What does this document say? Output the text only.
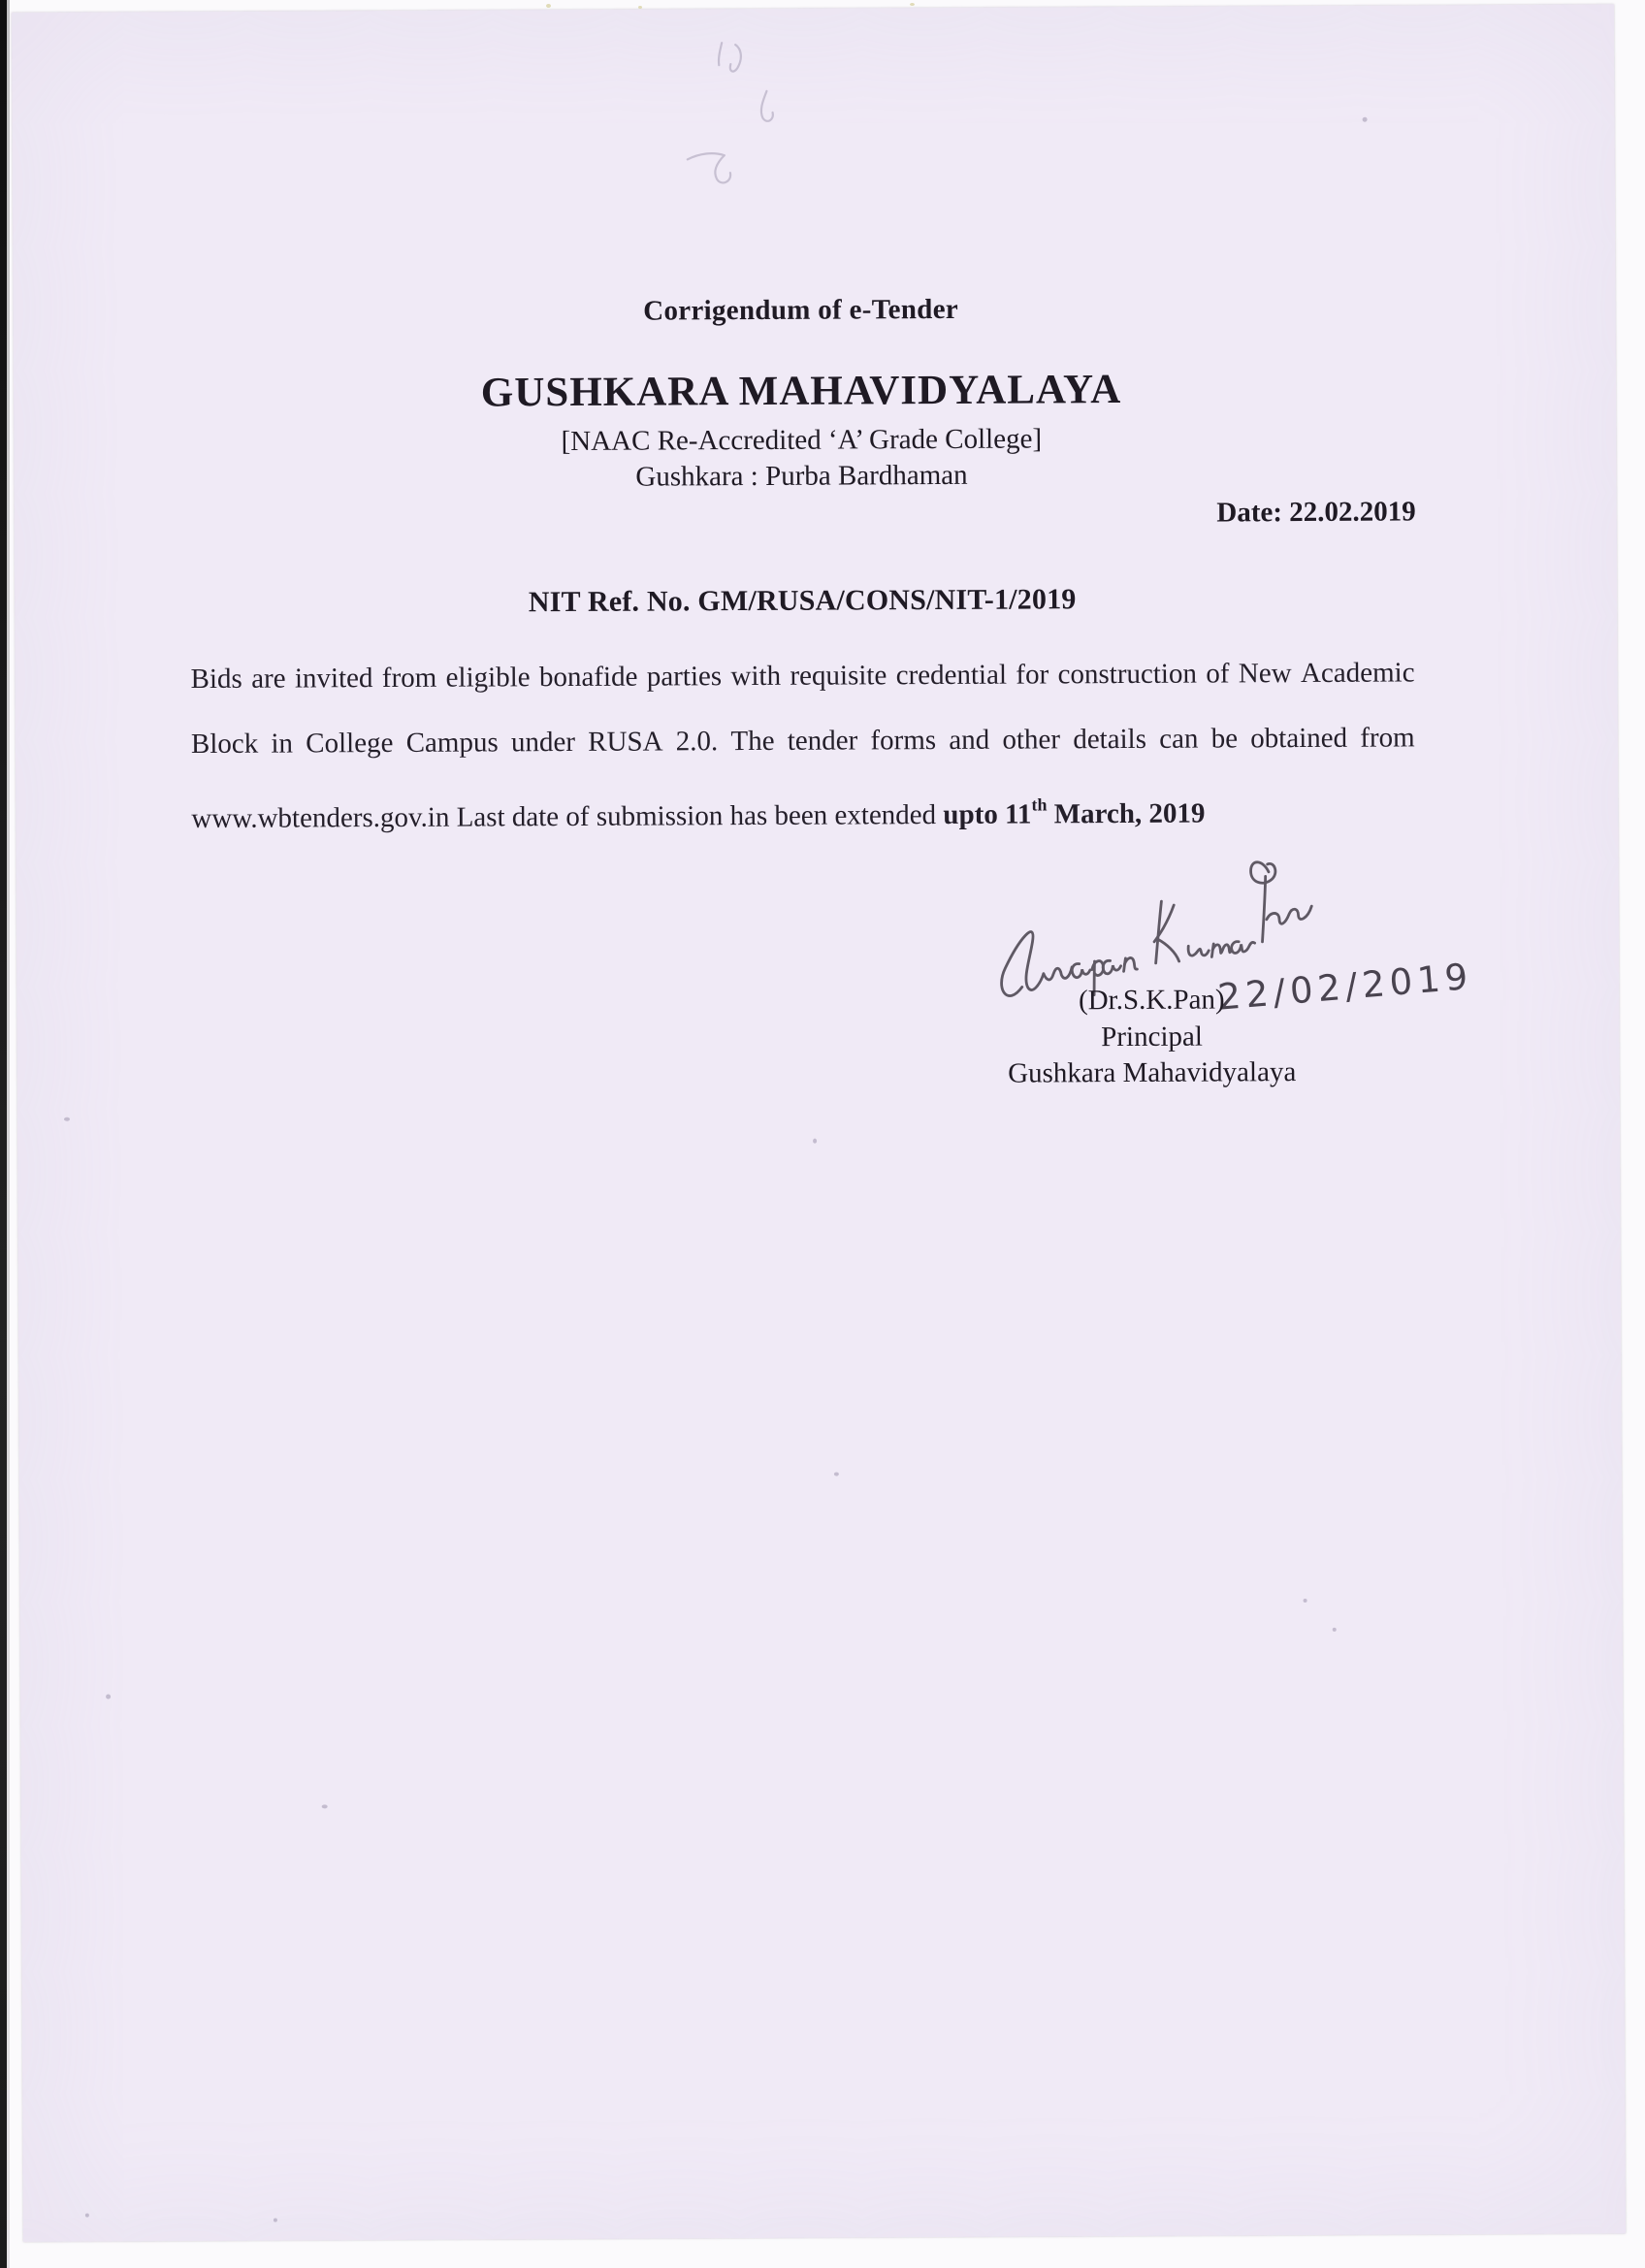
Corrigendum of e-Tender
GUSHKARA MAHAVIDYALAYA
[NAAC Re-Accredited ‘A’ Grade College]
Gushkara : Purba Bardhaman
Date: 22.02.2019
NIT Ref. No. GM/RUSA/CONS/NIT-1/2019
Bids are invited from eligible bonafide parties with requisite credential for construction of New Academic
Block in College Campus under RUSA 2.0. The tender forms and other details can be obtained from
www.wbtenders.gov.in Last date of submission has been extended upto 11th March, 2019
22/02/2019
(Dr.S.K.Pan)
Principal
Gushkara Mahavidyalaya
